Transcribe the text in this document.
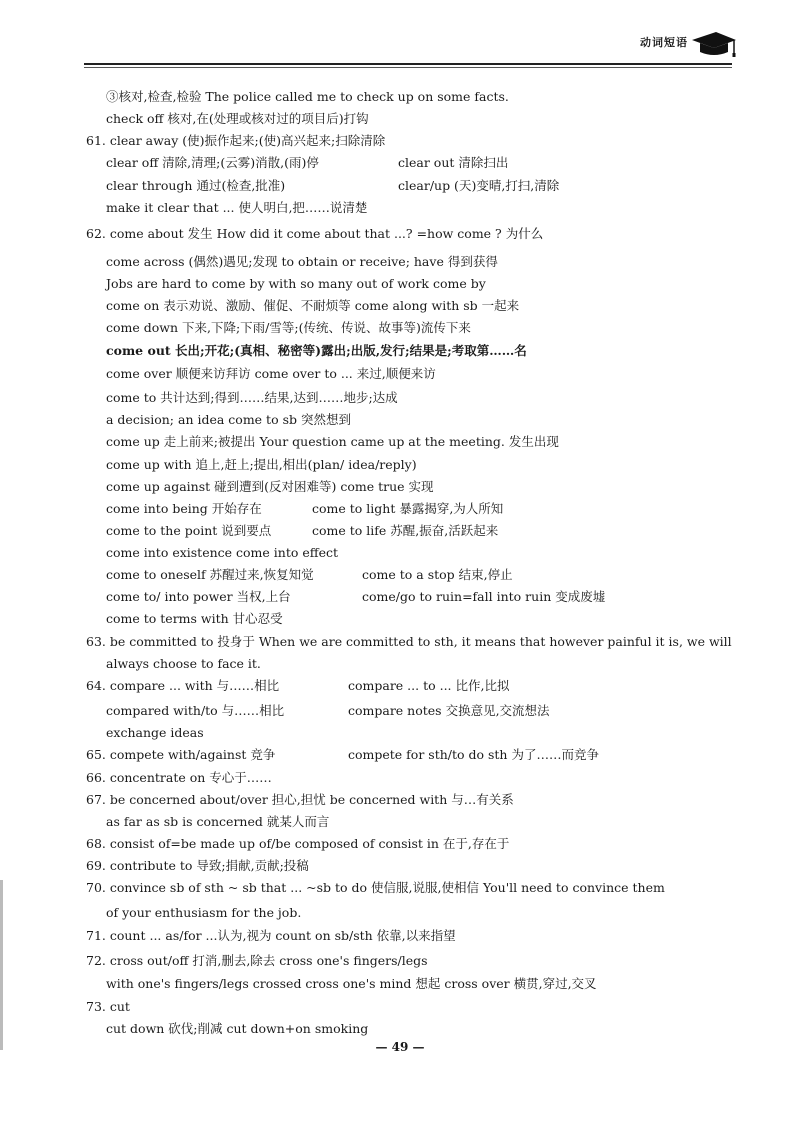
动词短语
③核对,检查,检验 The police called me to check up on some facts.
check off 核对,在(处理或核对过的项目后)打钩
61. clear away (使)振作起来;(使)高兴起来;扫除清除
clear off 清除,清理;(云雾)消散,(雨)停	clear out 清除扫出
clear through 通过(检查,批准)	clear/up (天)变晴,打扫,清除
make it clear that ... 使人明白,把……说清楚
62. come about 发生 How did it come about that ...? =how come ? 为什么
come across (偶然)遇见;发现 to obtain or receive; have 得到获得
Jobs are hard to come by with so many out of work come by
come on 表示劝说、激励、催促、不耐烦等 come along with sb 一起来
come down 下来,下降;下雨/雪等;(传统、传说、故事等)流传下来
come out 长出;开花;(真相、秘密等)露出;出版,发行;结果是;考取第……名
come over 顺便来访拜访 come over to ... 来过,顺便来访
come to 共计达到;得到……结果,达到……地步;达成
a decision; an idea come to sb 突然想到
come up 走上前来;被提出 Your question came up at the meeting. 发生出现
come up with 追上,赶上;提出,相出(plan/ idea/reply)
come up against 碰到遭到(反对困难等) come true 实现
come into being 开始存在	come to light 暴露揭穿,为人所知
come to the point 说到要点	come to life 苏醒,振奋,活跃起来
come into existence come into effect
come to oneself 苏醒过来,恢复知觉	come to a stop 结束,停止
come to/ into power 当权,上台	come/go to ruin=fall into ruin 变成废墟
come to terms with 甘心忍受
63. be committed to 投身于 When we are committed to sth, it means that however painful it is, we will
always choose to face it.
64. compare ... with 与……相比	compare ... to ... 比作,比拟
compared with/to 与……相比	compare notes 交换意见,交流想法
exchange ideas
65. compete with/against 竞争	compete for sth/to do sth 为了……而竞争
66. concentrate on 专心于……
67. be concerned about/over 担心,担忧 be concerned with 与…有关系
as far as sb is concerned 就某人而言
68. consist of=be made up of/be composed of consist in 在于,存在于
69. contribute to 导致;捐献,贡献;投稿
70. convince sb of sth ~ sb that ... ~sb to do 使信服,说服,使相信 You'll need to convince them
of your enthusiasm for the job.
71. count ... as/for ...认为,视为 count on sb/sth 依靠,以来指望
72. cross out/off 打消,删去,除去 cross one's fingers/legs
with one's fingers/legs crossed cross one's mind 想起 cross over 横贯,穿过,交叉
73. cut
cut down 砍伐;削减 cut down+on smoking
— 49 —
